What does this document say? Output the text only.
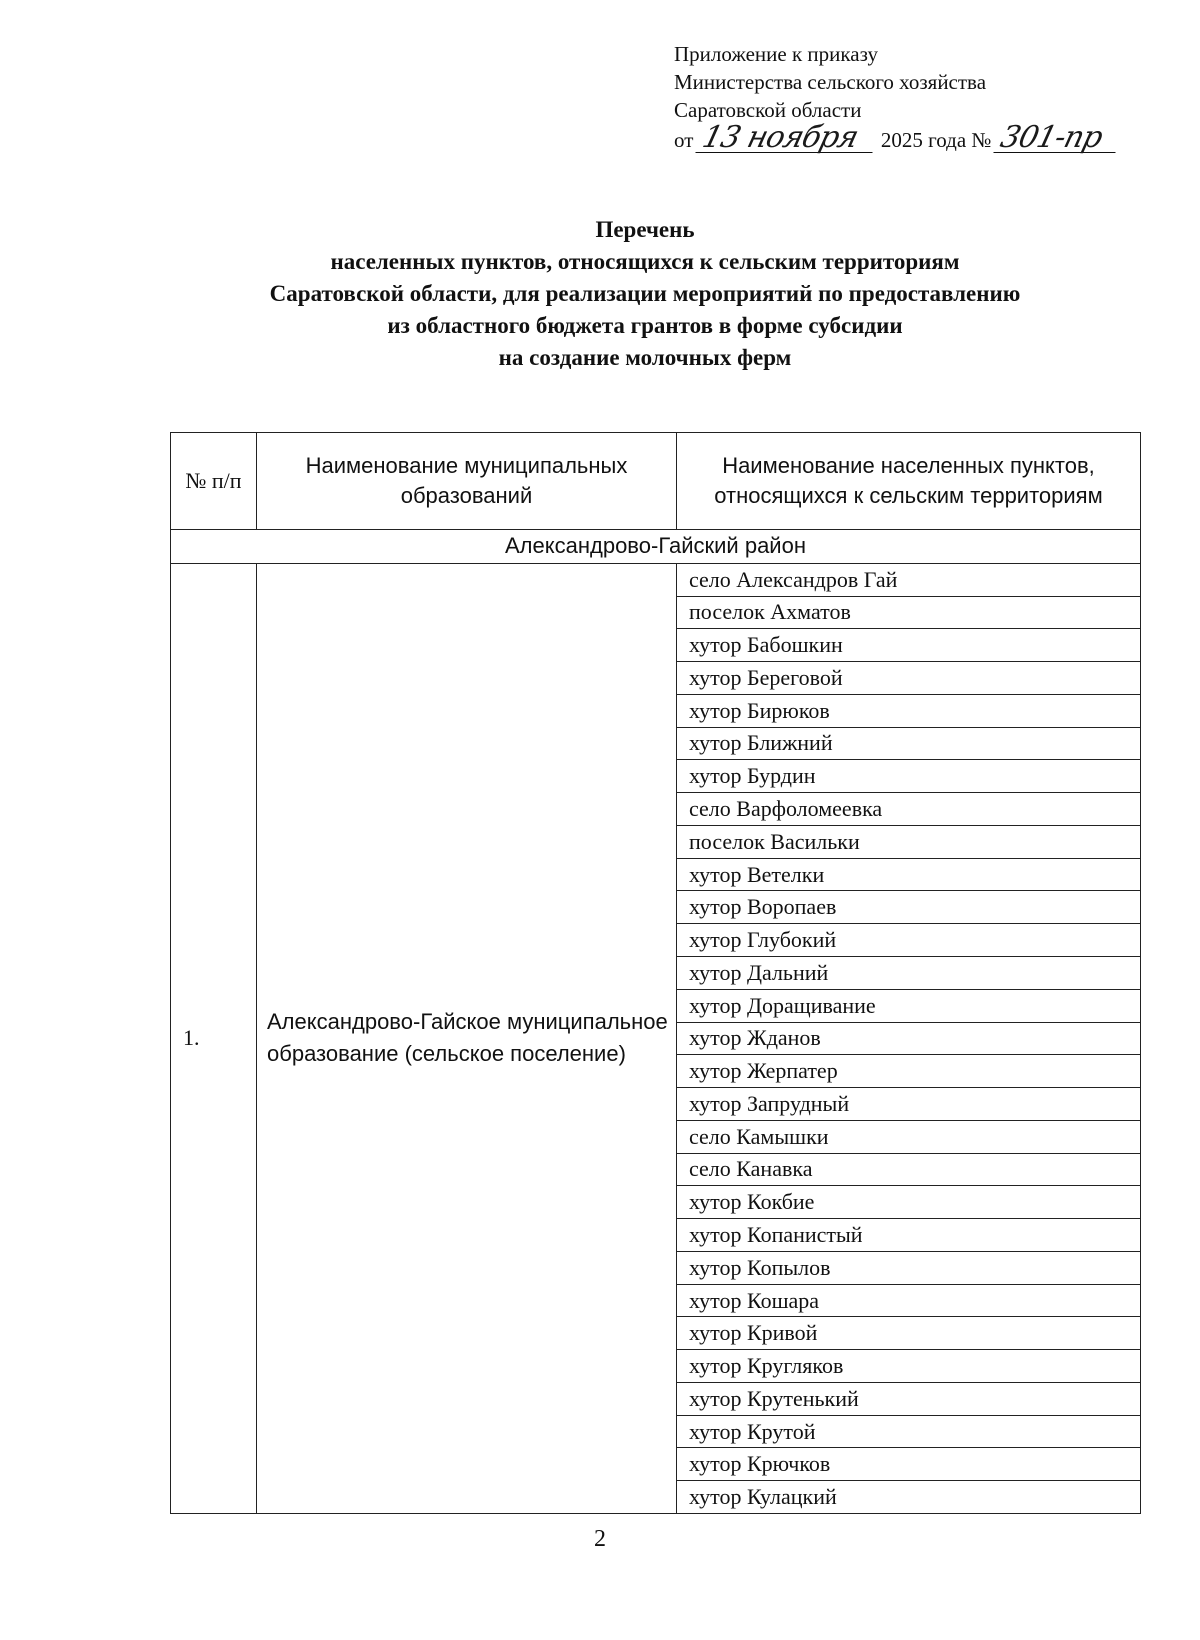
Приложение к приказу
Министерства сельского хозяйства
Саратовской области
от 13 ноября 2025 года № 301-пр
Перечень
населенных пунктов, относящихся к сельским территориям
Саратовской области, для реализации мероприятий по предоставлению
из областного бюджета грантов в форме субсидии
на создание молочных ферм
№ п/п	Наименование муниципальных образований	Наименование населенных пунктов, относящихся к сельским территориям
Александрово-Гайский район		
1.	Александрово-Гайское муниципальное образование (сельское поселение)	село Александров Гай
		поселок Ахматов
		хутор Бабошкин
		хутор Береговой
		хутор Бирюков
		хутор Ближний
		хутор Бурдин
		село Варфоломеевка
		поселок Васильки
		хутор Ветелки
		хутор Воропаев
		хутор Глубокий
		хутор Дальний
		хутор Доращивание
		хутор Жданов
		хутор Жерпатер
		хутор Запрудный
		село Камышки
		село Канавка
		хутор Кокбие
		хутор Копанистый
		хутор Копылов
		хутор Кошара
		хутор Кривой
		хутор Кругляков
		хутор Крутенький
		хутор Крутой
		хутор Крючков
		хутор Кулацкий
2
